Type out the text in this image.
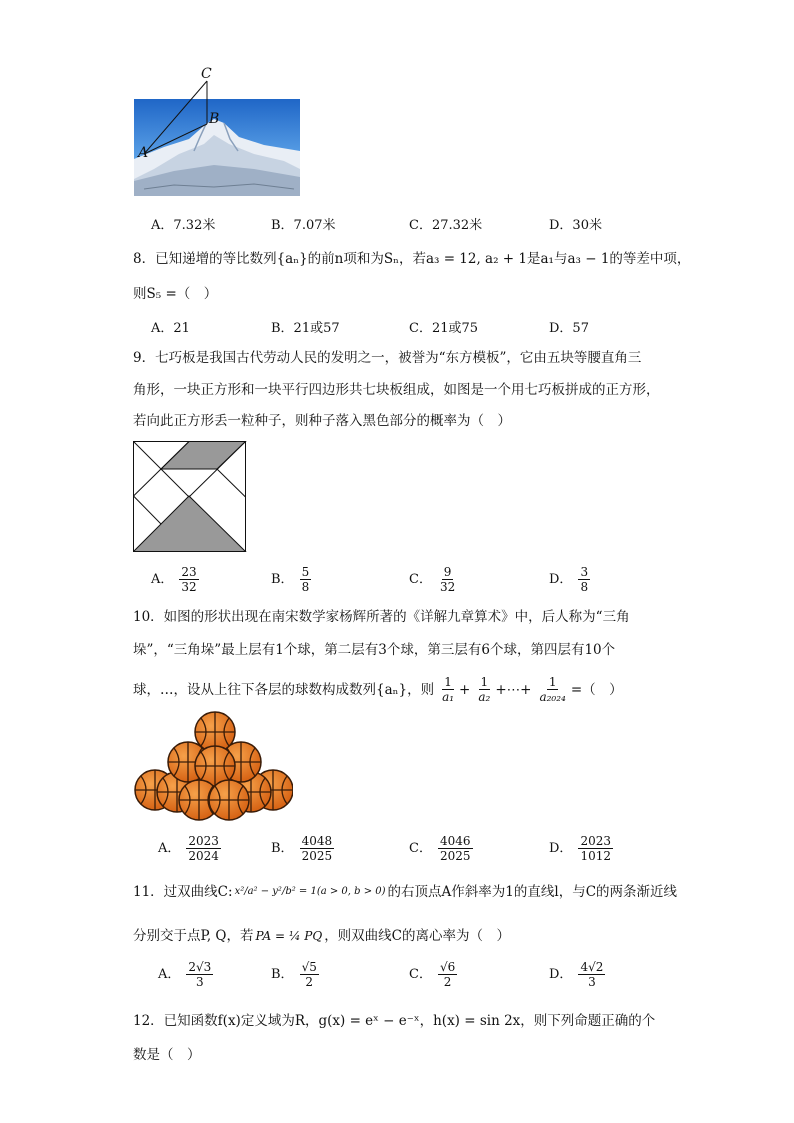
C
B
A
A．7.32米	B．7.07米	C．27.32米	D．30米
8．已知递增的等比数列{aₙ}的前n项和为Sₙ，若a₃ = 12, a₂ + 1是a₁与a₃ − 1的等差中项，
则S₅ =（　）
A．21	B．21或57	C．21或75	D．57
9．七巧板是我国古代劳动人民的发明之一，被誉为“东方模板”，它由五块等腰直角三
角形，一块正方形和一块平行四边形共七块板组成，如图是一个用七巧板拼成的正方形，
若向此正方形丢一粒种子，则种子落入黑色部分的概率为（　）
A． $\frac{23}{32}$	B． $\frac{5}{8}$	C． $\frac{9}{32}$	D． $\frac{3}{8}$
10．如图的形状出现在南宋数学家杨辉所著的《详解九章算术》中，后人称为“三角
垛”，“三角垛”最上层有1个球，第二层有3个球，第三层有6个球，第四层有10个
球，…，设从上往下各层的球数构成数列{aₙ}，则 $\frac{1}{\text{a₁}} + \frac{1}{\text{a₂}}$ +⋯+ $\frac{1}{\text{a₂₀₂₄}}$ =（　）
A． $\frac{2023}{2024}$	B． $\frac{4048}{2025}$	C． $\frac{4046}{2025}$	D． $\frac{2023}{1012}$
11．过双曲线C: x²/a² − y²/b² = 1(a > 0, b > 0) 的右顶点A作斜率为1的直线l，与C的两条渐近线
分别交于点P, Q，若 PA = ¼ PQ ，则双曲线C的离心率为（　）
A． $\frac{2√3}{3}$	B． $\frac{√5}{2}$	C． $\frac{√6}{2}$	D． $\frac{4√2}{3}$
12．已知函数f(x)定义域为R，g(x) = eˣ − e⁻ˣ，h(x) = sin 2x，则下列命题正确的个
数是（　）
